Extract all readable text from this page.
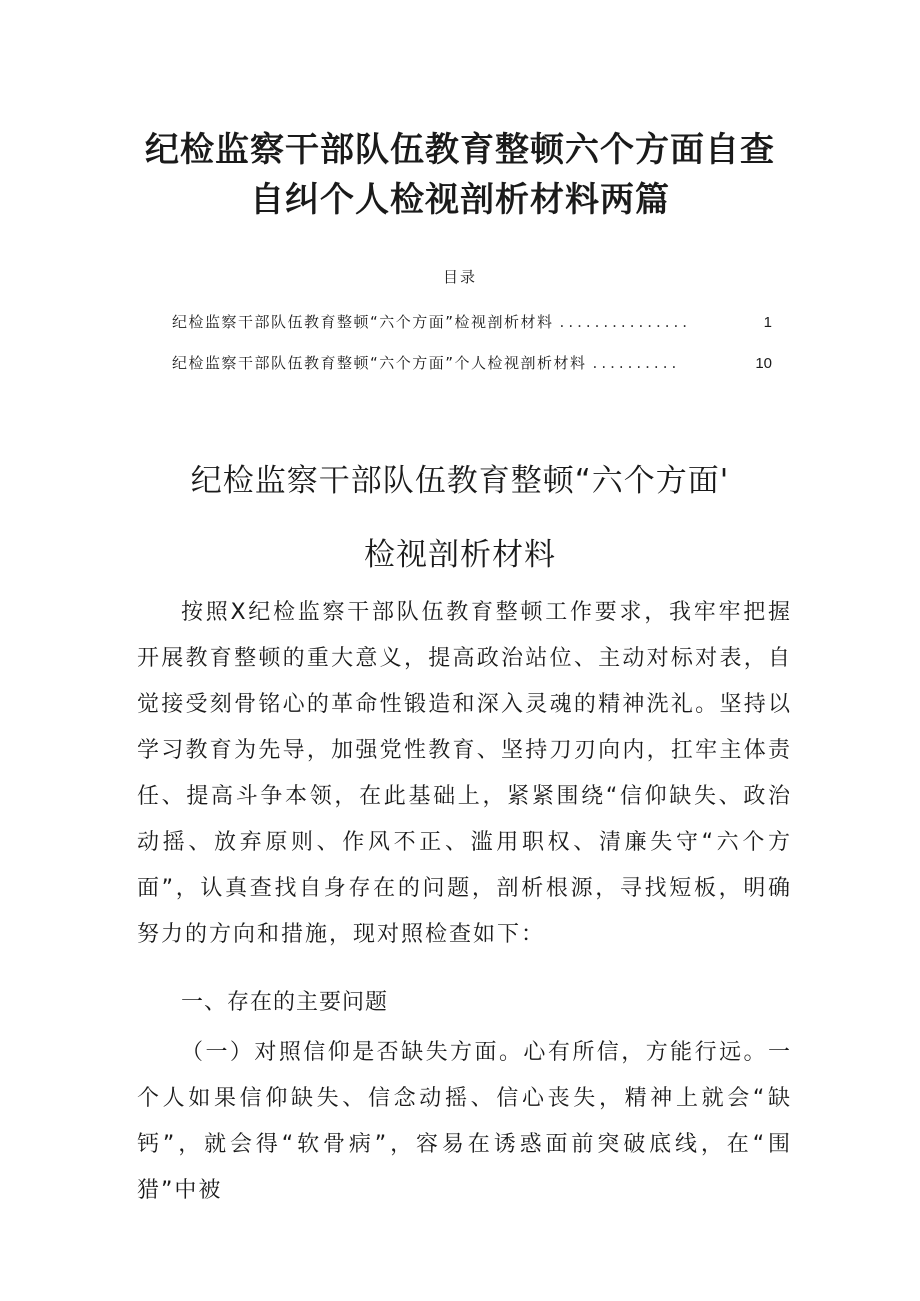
纪检监察干部队伍教育整顿六个方面自查
自纠个人检视剖析材料两篇
目录
纪检监察干部队伍教育整顿“六个方面”检视剖析材料 ...............	1
纪检监察干部队伍教育整顿“六个方面”个人检视剖析材料 ..........	10
纪检监察干部队伍教育整顿“六个方面'
检视剖析材料

按照X纪检监察干部队伍教育整顿工作要求，我牢牢把握开展教育整顿的重大意义，提高政治站位、主动对标对表，自觉接受刻骨铭心的革命性锻造和深入灵魂的精神洗礼。坚持以学习教育为先导，加强党性教育、坚持刀刃向内，扛牢主体责任、提高斗争本领，在此基础上，紧紧围绕“信仰缺失、政治动摇、放弃原则、作风不正、滥用职权、清廉失守“六个方面”，认真查找自身存在的问题，剖析根源，寻找短板，明确努力的方向和措施，现对照检查如下：

一、存在的主要问题

（一）对照信仰是否缺失方面。心有所信，方能行远。一个人如果信仰缺失、信念动摇、信心丧失，精神上就会“缺钙”，就会得“软骨病”，容易在诱惑面前突破底线，在“围猎”中被
